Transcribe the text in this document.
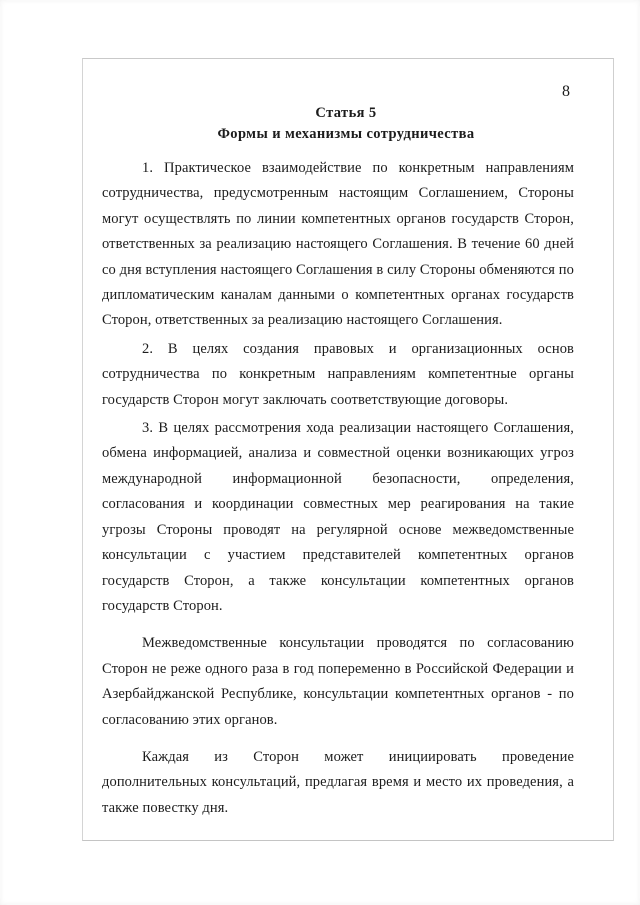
8
Статья 5
Формы и механизмы сотрудничества

1. Практическое взаимодействие по конкретным направлениям сотрудничества, предусмотренным настоящим Соглашением, Стороны могут осуществлять по линии компетентных органов государств Сторон, ответственных за реализацию настоящего Соглашения. В течение 60 дней со дня вступления настоящего Соглашения в силу Стороны обменяются по дипломатическим каналам данными о компетентных органах государств Сторон, ответственных за реализацию настоящего Соглашения.

2. В целях создания правовых и организационных основ сотрудничества по конкретным направлениям компетентные органы государств Сторон могут заключать соответствующие договоры.

3. В целях рассмотрения хода реализации настоящего Соглашения, обмена информацией, анализа и совместной оценки возникающих угроз международной информационной безопасности, определения, согласования и координации совместных мер реагирования на такие угрозы Стороны проводят на регулярной основе межведомственные консультации с участием представителей компетентных органов государств Сторон, а также консультации компетентных органов государств Сторон.

Межведомственные консультации проводятся по согласованию Сторон не реже одного раза в год попеременно в Российской Федерации и Азербайджанской Республике, консультации компетентных органов - по согласованию этих органов.

Каждая из Сторон может инициировать проведение дополнительных консультаций, предлагая время и место их проведения, а также повестку дня.
